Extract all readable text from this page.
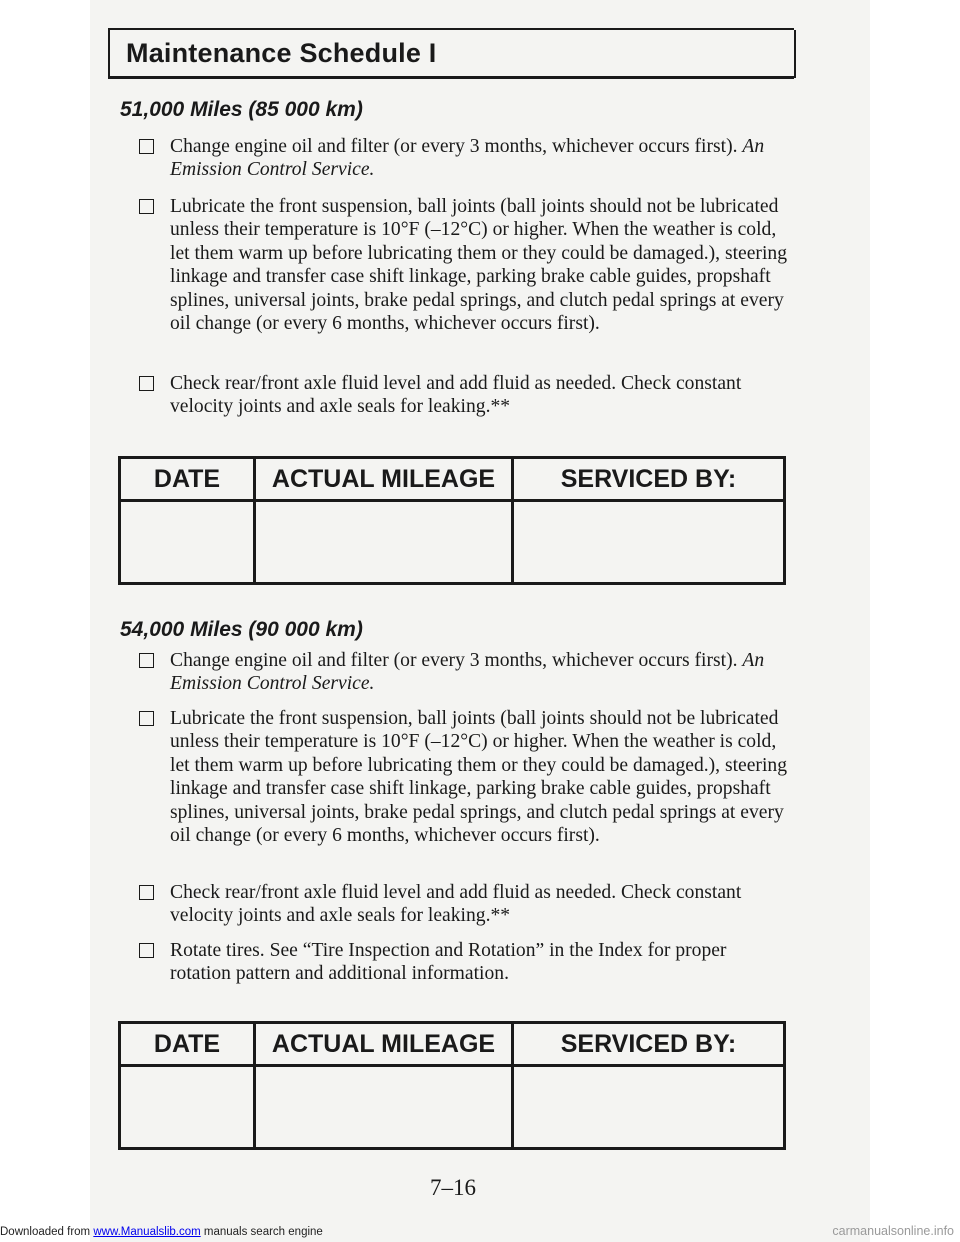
Maintenance Schedule I
51,000 Miles (85 000 km)
Change engine oil and filter (or every 3 months, whichever occurs first). An Emission Control Service.
Lubricate the front suspension, ball joints (ball joints should not be lubricated unless their temperature is 10°F (–12°C) or higher. When the weather is cold, let them warm up before lubricating them or they could be damaged.), steering linkage and transfer case shift linkage, parking brake cable guides, propshaft splines, universal joints, brake pedal springs, and clutch pedal springs at every oil change (or every 6 months, whichever occurs first).
Check rear/front axle fluid level and add fluid as needed. Check constant velocity joints and axle seals for leaking.**
DATE	ACTUAL MILEAGE	SERVICED BY:

54,000 Miles (90 000 km)
Change engine oil and filter (or every 3 months, whichever occurs first). An Emission Control Service.
Lubricate the front suspension, ball joints (ball joints should not be lubricated unless their temperature is 10°F (–12°C) or higher. When the weather is cold, let them warm up before lubricating them or they could be damaged.), steering linkage and transfer case shift linkage, parking brake cable guides, propshaft splines, universal joints, brake pedal springs, and clutch pedal springs at every oil change (or every 6 months, whichever occurs first).
Check rear/front axle fluid level and add fluid as needed. Check constant velocity joints and axle seals for leaking.**
Rotate tires. See “Tire Inspection and Rotation” in the Index for proper rotation pattern and additional information.
DATE	ACTUAL MILEAGE	SERVICED BY:

7–16
Downloaded from www.Manualslib.com manuals search engine	carmanualsonline.info
